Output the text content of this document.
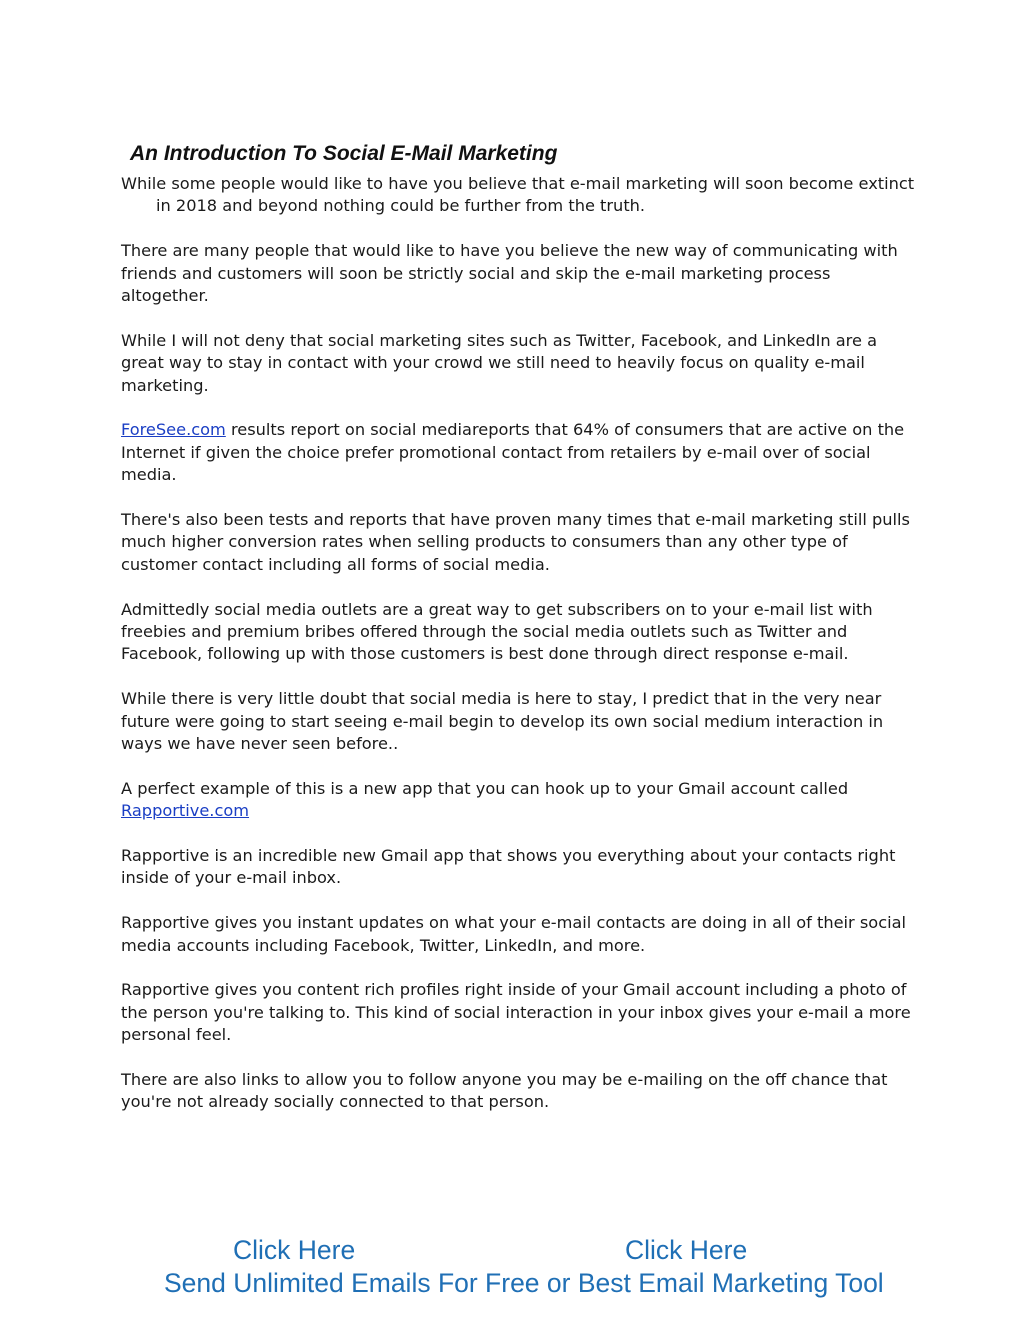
An Introduction To Social E-Mail Marketing

While some people would like to have you believe that e-mail marketing will soon become extinct in 2018 and beyond nothing could be further from the truth.

There are many people that would like to have you believe the new way of communicating with friends and customers will soon be strictly social and skip the e-mail marketing process altogether.

While I will not deny that social marketing sites such as Twitter, Facebook, and LinkedIn are a great way to stay in contact with your crowd we still need to heavily focus on quality e-mail marketing.

ForeSee.com results report on social mediareports that 64% of consumers that are active on the Internet if given the choice prefer promotional contact from retailers by e-mail over of social media.

There's also been tests and reports that have proven many times that e-mail marketing still pulls much higher conversion rates when selling products to consumers than any other type of customer contact including all forms of social media.

Admittedly social media outlets are a great way to get subscribers on to your e-mail list with freebies and premium bribes offered through the social media outlets such as Twitter and Facebook, following up with those customers is best done through direct response e-mail.

While there is very little doubt that social media is here to stay, I predict that in the very near future were going to start seeing e-mail begin to develop its own social medium interaction in ways we have never seen before..

A perfect example of this is a new app that you can hook up to your Gmail account called Rapportive.com

Rapportive is an incredible new Gmail app that shows you everything about your contacts right inside of your e-mail inbox.

Rapportive gives you instant updates on what your e-mail contacts are doing in all of their social media accounts including Facebook, Twitter, LinkedIn, and more.

Rapportive gives you content rich profiles right inside of your Gmail account including a photo of the person you're talking to. This kind of social interaction in your inbox gives your e-mail a more personal feel.

There are also links to allow you to follow anyone you may be e-mailing on the off chance that you're not already socially connected to that person.

Click Here	Click Here
Send Unlimited Emails For Free or Best Email Marketing Tool
